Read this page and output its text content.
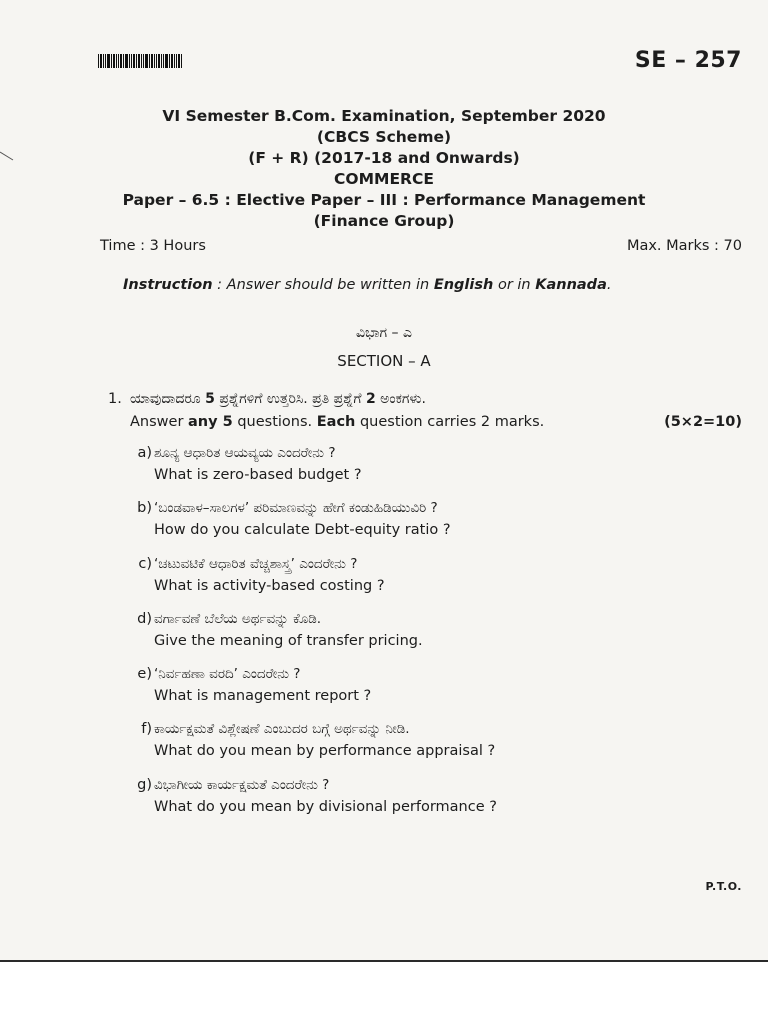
SE – 257
VI Semester B.Com. Examination, September 2020
(CBCS Scheme)
(F + R) (2017-18 and Onwards)
COMMERCE
Paper – 6.5 : Elective Paper – III : Performance Management
(Finance Group)
Time : 3 Hours	Max. Marks : 70
Instruction : Answer should be written in English or in Kannada.
ವಿಭಾಗ – ಎ
SECTION – A
1. ಯಾವುದಾದರೂ 5 ಪ್ರಶ್ನೆಗಳಿಗೆ ಉತ್ತರಿಸಿ. ಪ್ರತಿ ಪ್ರಶ್ನೆಗೆ 2 ಅಂಕಗಳು.
Answer any 5 questions. Each question carries 2 marks.	(5×2=10)
a) ಶೂನ್ಯ ಆಧಾರಿತ ಆಯವ್ಯಯ ಎಂದರೇನು ?
What is zero-based budget ?
b) ‘ಬಂಡವಾಳ–ಸಾಲಗಳ’ ಪರಿಮಾಣವನ್ನು ಹೇಗೆ ಕಂಡುಹಿಡಿಯುವಿರಿ ?
How do you calculate Debt-equity ratio ?
c) ‘ಚಟುವಟಿಕೆ ಆಧಾರಿತ ವೆಚ್ಚಶಾಸ್ತ್ರ’ ಎಂದರೇನು ?
What is activity-based costing ?
d) ವರ್ಗಾವಣೆ ಬೆಲೆಯ ಅರ್ಥವನ್ನು ಕೊಡಿ.
Give the meaning of transfer pricing.
e) ‘ನಿರ್ವಹಣಾ ವರದಿ’ ಎಂದರೇನು ?
What is management report ?
f) ಕಾರ್ಯಕ್ಷಮತೆ ವಿಶ್ಲೇಷಣೆ ಎಂಬುದರ ಬಗ್ಗೆ ಅರ್ಥವನ್ನು ನೀಡಿ.
What do you mean by performance appraisal ?
g) ವಿಭಾಗೀಯ ಕಾರ್ಯಕ್ಷಮತೆ ಎಂದರೇನು ?
What do you mean by divisional performance ?
P.T.O.
